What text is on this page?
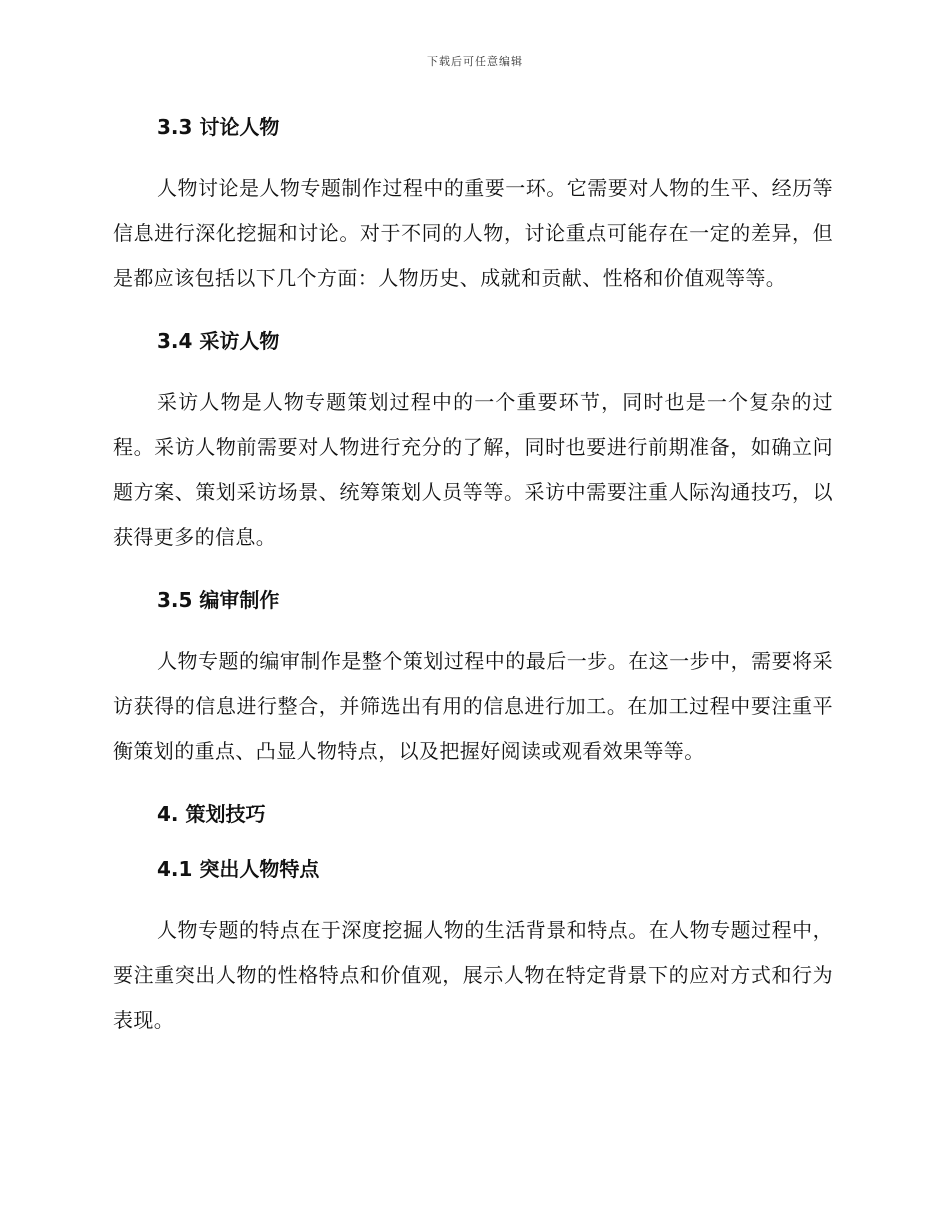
下载后可任意编辑
3.3 讨论人物

人物讨论是人物专题制作过程中的重要一环。它需要对人物的生平、经历等信息进行深化挖掘和讨论。对于不同的人物，讨论重点可能存在一定的差异，但是都应该包括以下几个方面：人物历史、成就和贡献、性格和价值观等等。

3.4 采访人物

采访人物是人物专题策划过程中的一个重要环节，同时也是一个复杂的过程。采访人物前需要对人物进行充分的了解，同时也要进行前期准备，如确立问题方案、策划采访场景、统筹策划人员等等。采访中需要注重人际沟通技巧，以获得更多的信息。

3.5 编审制作

人物专题的编审制作是整个策划过程中的最后一步。在这一步中，需要将采访获得的信息进行整合，并筛选出有用的信息进行加工。在加工过程中要注重平衡策划的重点、凸显人物特点，以及把握好阅读或观看效果等等。

4. 策划技巧
4.1 突出人物特点

人物专题的特点在于深度挖掘人物的生活背景和特点。在人物专题过程中，要注重突出人物的性格特点和价值观，展示人物在特定背景下的应对方式和行为表现。
